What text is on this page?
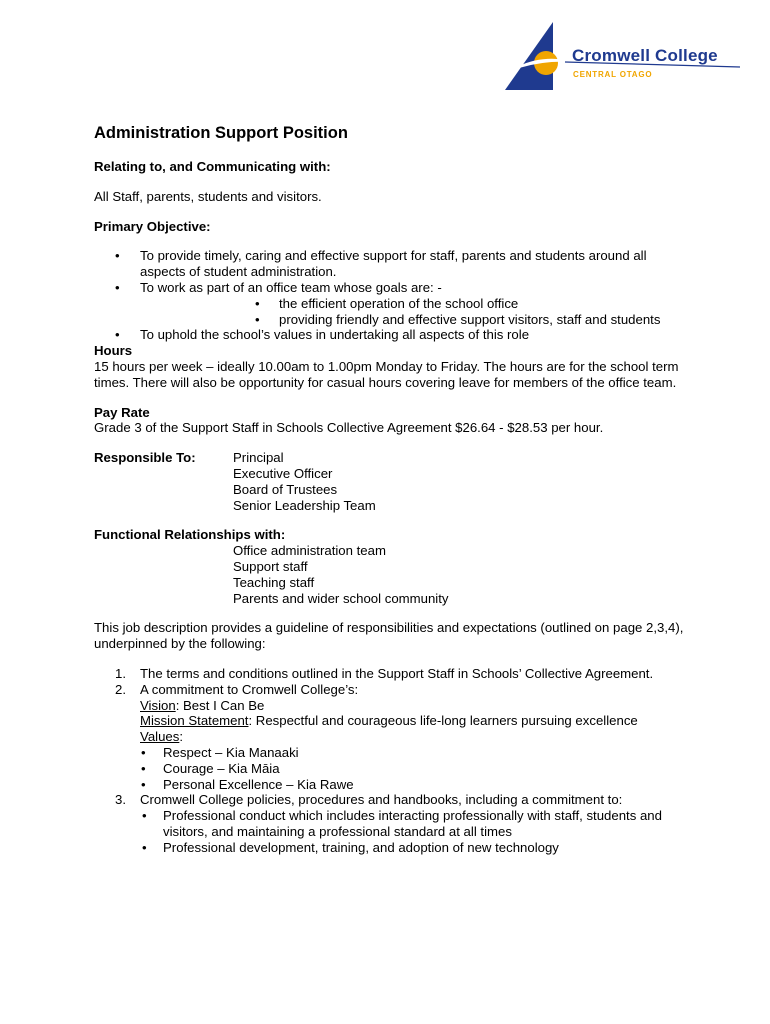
Cromwell College
CENTRAL OTAGO
Administration Support Position

Relating to, and Communicating with:

All Staff, parents, students and visitors.

Primary Objective:

• To provide timely, caring and effective support for staff, parents and students around all aspects of student administration.
• To work as part of an office team whose goals are: -
• the efficient operation of the school office
• providing friendly and effective support visitors, staff and students
• To uphold the school’s values in undertaking all aspects of this role

Hours

15 hours per week – ideally 10.00am to 1.00pm Monday to Friday. The hours are for the school term times. There will also be opportunity for casual hours covering leave for members of the office team.

Pay Rate

Grade 3 of the Support Staff in Schools Collective Agreement $26.64 - $28.53 per hour.

Responsible To:	Principal
Executive Officer
Board of Trustees
Senior Leadership Team

Functional Relationships with:

Office administration team
Support staff
Teaching staff
Parents and wider school community

This job description provides a guideline of responsibilities and expectations (outlined on page 2,3,4), underpinned by the following:

1. The terms and conditions outlined in the Support Staff in Schools’ Collective Agreement.
2. A commitment to Cromwell College’s:
Vision: Best I Can Be
Mission Statement: Respectful and courageous life-long learners pursuing excellence
Values:
• Respect – Kia Manaaki
• Courage – Kia Māia
• Personal Excellence – Kia Rawe
3. Cromwell College policies, procedures and handbooks, including a commitment to:
• Professional conduct which includes interacting professionally with staff, students and visitors, and maintaining a professional standard at all times
• Professional development, training, and adoption of new technology
